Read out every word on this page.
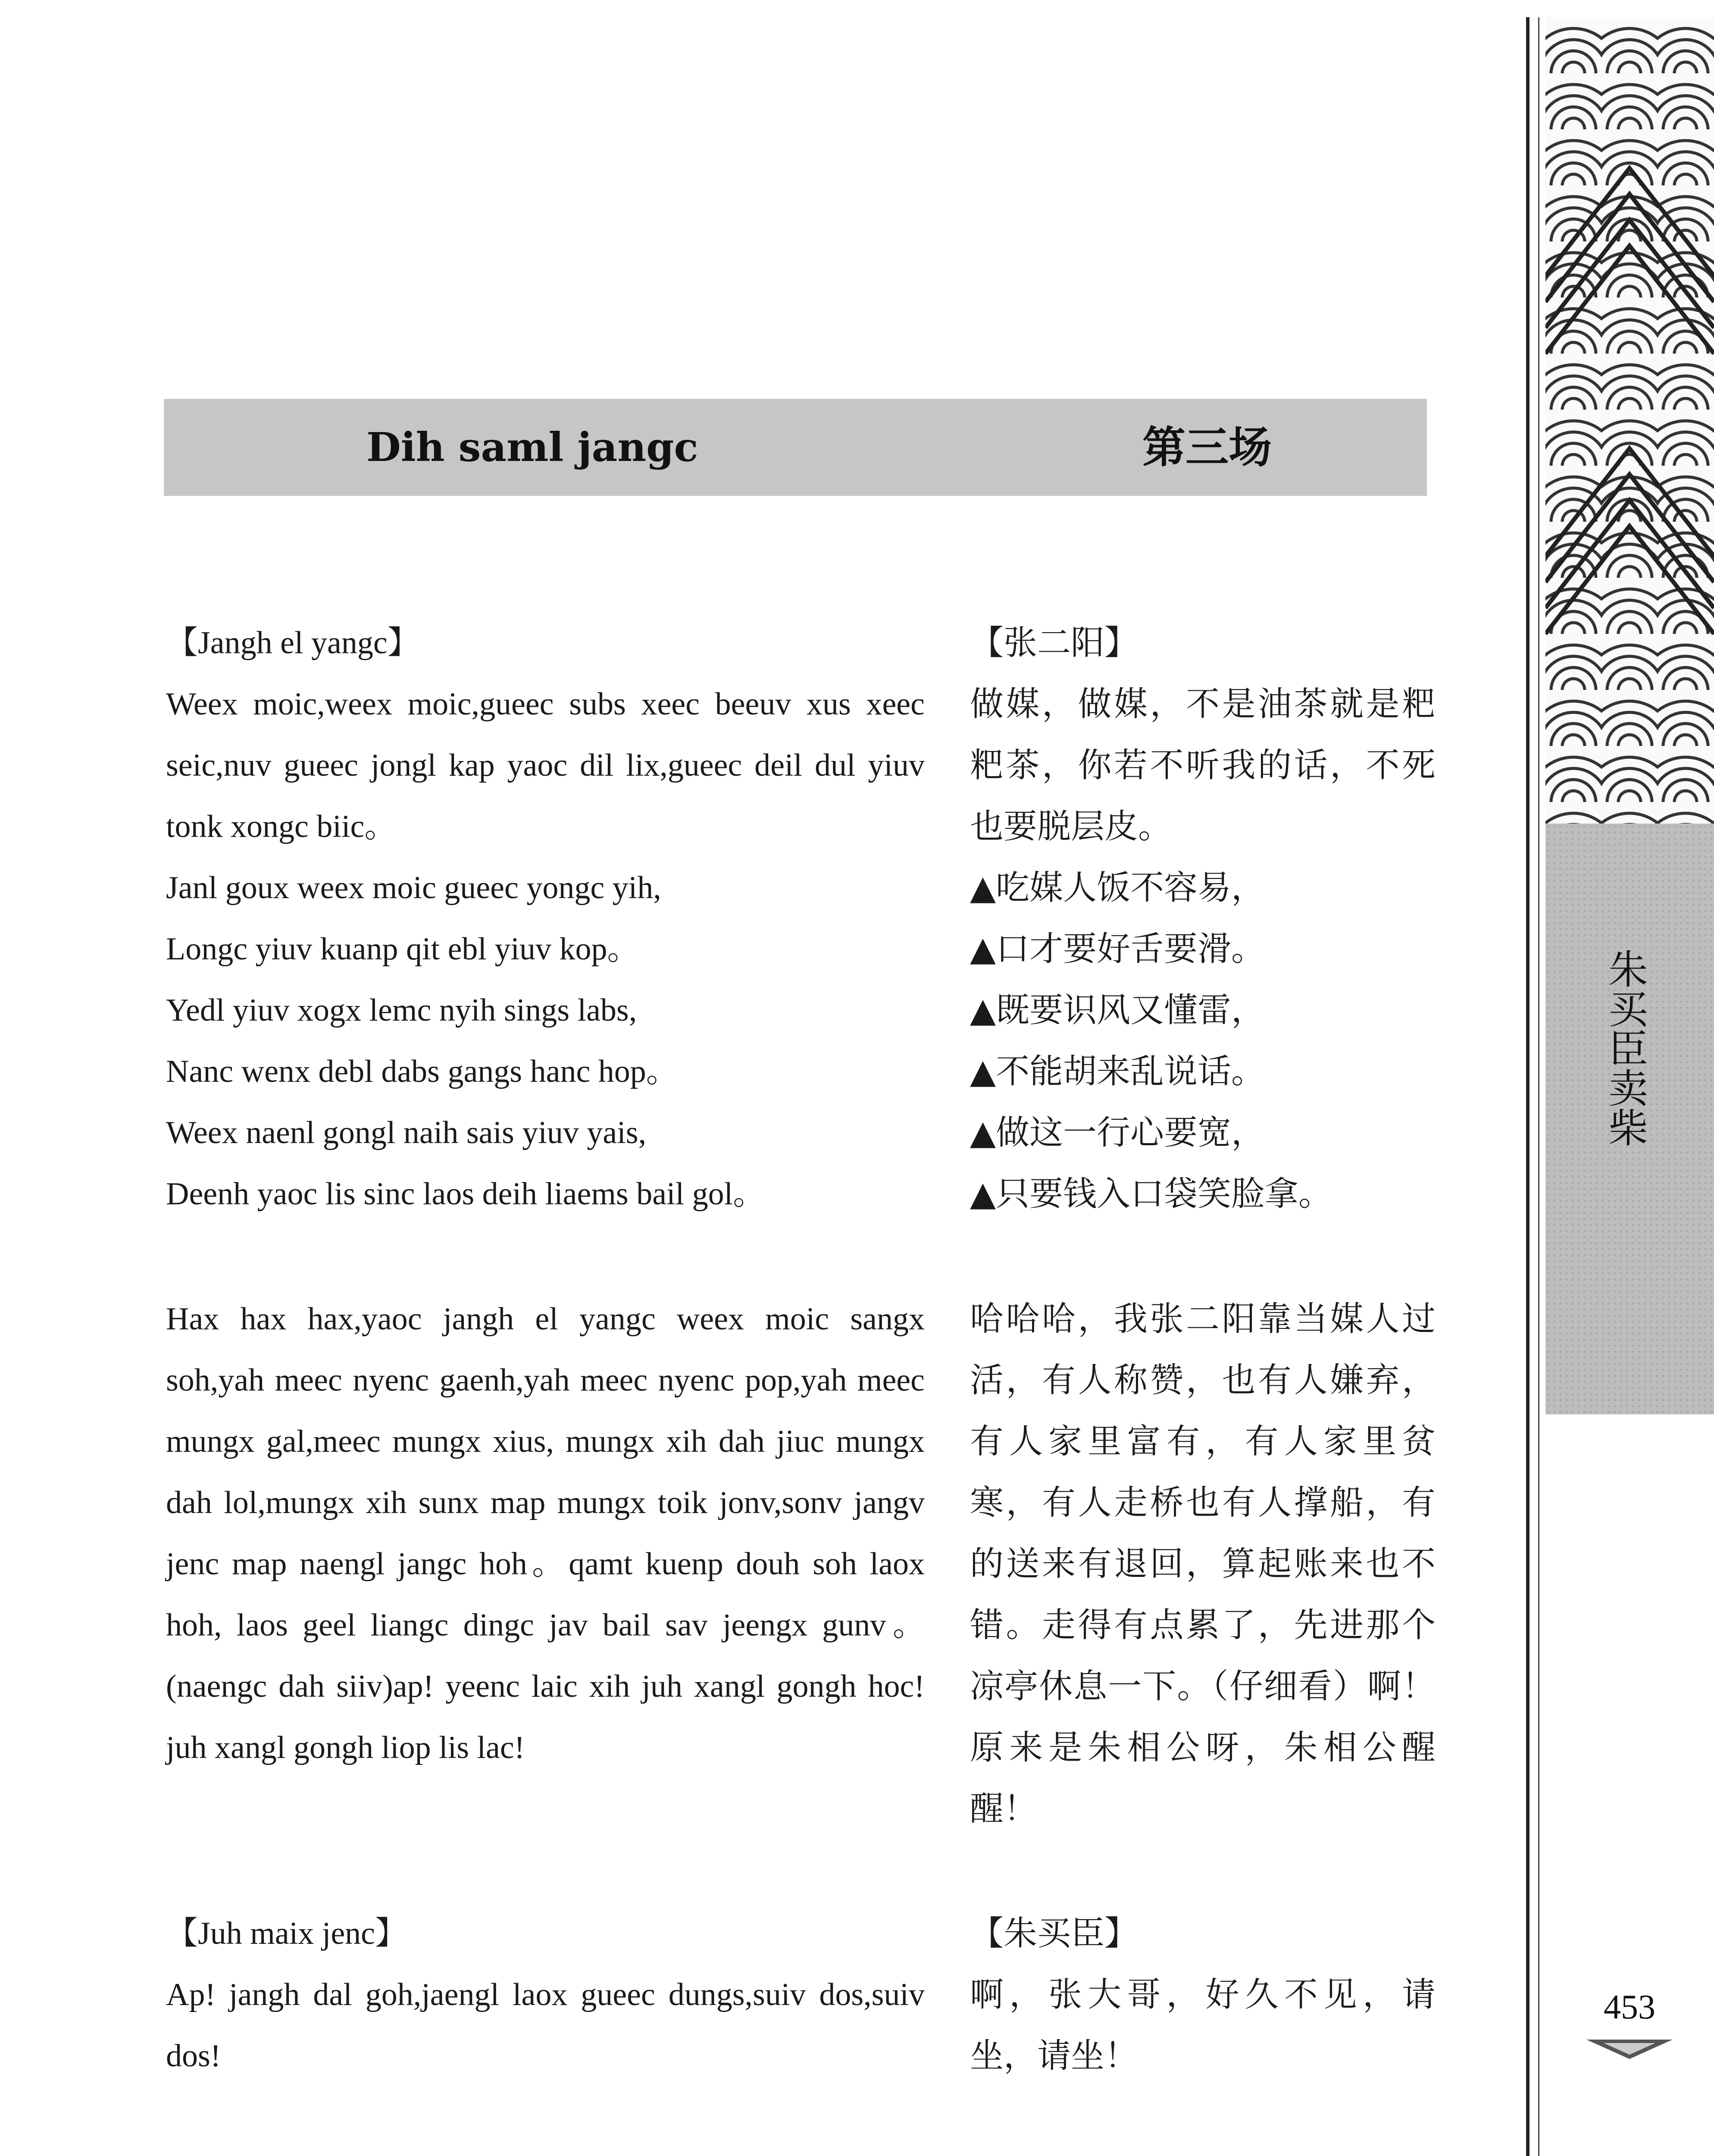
Dih saml jangc	第三场
【Jangh el yangc】

Weex moic,weex moic,gueec subs xeec beeuv xus xeec seic,nuv gueec jongl kap yaoc dil lix,gueec deil dul yiuv tonk xongc biic。

Janl goux weex moic gueec yongc yih,

Longc yiuv kuanp qit ebl yiuv kop。

Yedl yiuv xogx lemc nyih sings labs,

Nanc wenx debl dabs gangs hanc hop。

Weex naenl gongl naih sais yiuv yais,

Deenh yaoc lis sinc laos deih liaems bail gol。

Hax hax hax,yaoc jangh el yangc weex moic sangx soh,yah meec nyenc gaenh,yah meec nyenc pop,yah meec mungx gal,meec mungx xius, mungx xih dah jiuc mungx dah lol,mungx xih sunx map mungx toik jonv,sonv jangv jenc map naengl jangc hoh。qamt kuenp douh soh laox hoh, laos geel liangc dingc jav bail sav jeengx gunv。(naengc dah siiv)ap! yeenc laic xih juh xangl gongh hoc! juh xangl gongh liop lis lac!

【Juh maix jenc】

Ap! jangh dal goh,jaengl laox gueec dungs,suiv dos,suiv dos!

【张二阳】

做媒，做媒，不是油茶就是粑粑茶，你若不听我的话，不死也要脱层皮。

▲吃媒人饭不容易，

▲口才要好舌要滑。

▲既要识风又懂雷，

▲不能胡来乱说话。

▲做这一行心要宽，

▲只要钱入口袋笑脸拿。

哈哈哈，我张二阳靠当媒人过活，有人称赞，也有人嫌弃，有人家里富有，有人家里贫寒，有人走桥也有人撑船，有的送来有退回，算起账来也不错。走得有点累了，先进那个凉亭休息一下。（仔细看）啊！原来是朱相公呀，朱相公醒醒！

【朱买臣】

啊，张大哥，好久不见，请坐，请坐！

朱买臣卖柴
453
